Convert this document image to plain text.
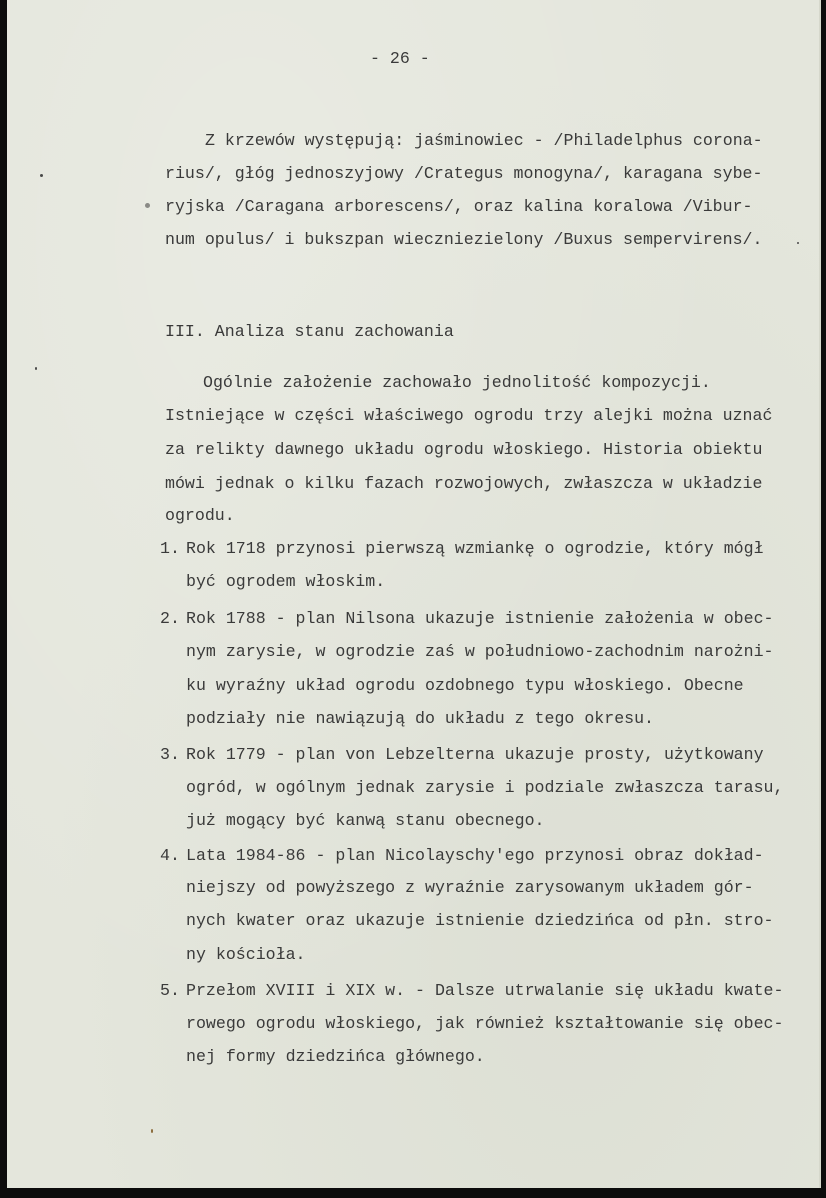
- 26 -
Z krzewów występują: jaśminowiec - /Philadelphus corona-
rius/, głóg jednoszyjowy /Crategus monogyna/, karagana sybe-
ryjska /Caragana arborescens/, oraz kalina koralowa /Vibur-
num opulus/ i bukszpan wieczniezielony /Buxus sempervirens/.
III. Analiza stanu zachowania
Ogólnie założenie zachowało jednolitość kompozycji.
Istniejące w części właściwego ogrodu trzy alejki można uznać
za relikty dawnego układu ogrodu włoskiego. Historia obiektu
mówi jednak o kilku fazach rozwojowych, zwłaszcza w układzie
ogrodu.
1. Rok 1718 przynosi pierwszą wzmiankę o ogrodzie, który mógł
być ogrodem włoskim.
2. Rok 1788 - plan Nilsona ukazuje istnienie założenia w obec-
nym zarysie, w ogrodzie zaś w południowo-zachodnim narożni-
ku wyraźny układ ogrodu ozdobnego typu włoskiego. Obecne
podziały nie nawiązują do układu z tego okresu.
3. Rok 1779 - plan von Lebzelterna ukazuje prosty, użytkowany
ogród, w ogólnym jednak zarysie i podziale zwłaszcza tarasu,
już mogący być kanwą stanu obecnego.
4. Lata 1984-86 - plan Nicolayschy'ego przynosi obraz dokład-
niejszy od powyższego z wyraźnie zarysowanym układem gór-
nych kwater oraz ukazuje istnienie dziedzińca od płn. stro-
ny kościoła.
5. Przełom XVIII i XIX w. - Dalsze utrwalanie się układu kwate-
rowego ogrodu włoskiego, jak również kształtowanie się obec-
nej formy dziedzińca głównego.
